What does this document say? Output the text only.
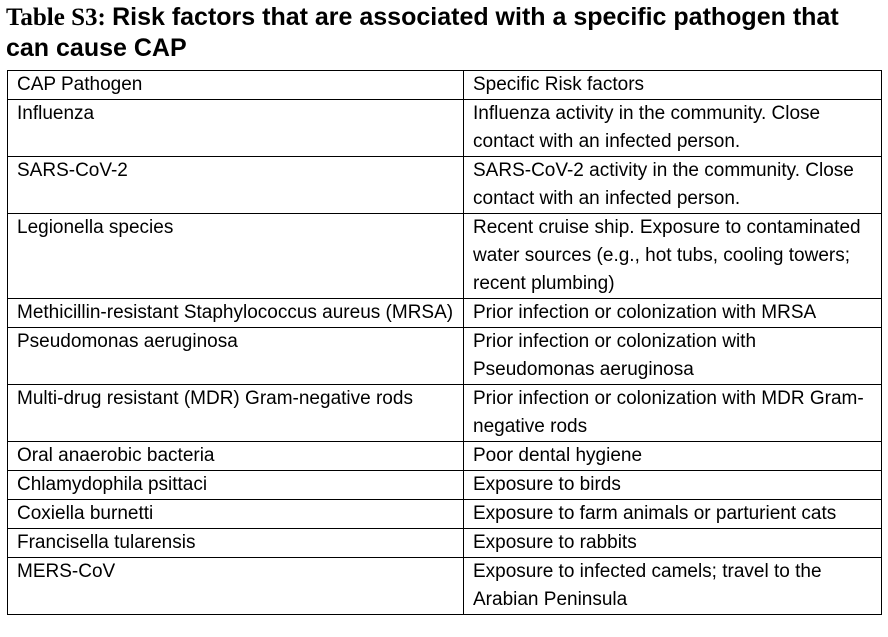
Table S3: Risk factors that are associated with a specific pathogen that can cause CAP
CAP Pathogen	Specific Risk factors
Influenza	Influenza activity in the community. Close contact with an infected person.
SARS-CoV-2	SARS-CoV-2 activity in the community. Close contact with an infected person.
Legionella species	Recent cruise ship. Exposure to contaminated water sources (e.g., hot tubs, cooling towers; recent plumbing)
Methicillin-resistant Staphylococcus aureus (MRSA)	Prior infection or colonization with MRSA
Pseudomonas aeruginosa	Prior infection or colonization with Pseudomonas aeruginosa
Multi-drug resistant (MDR) Gram-negative rods	Prior infection or colonization with MDR Gram-negative rods
Oral anaerobic bacteria	Poor dental hygiene
Chlamydophila psittaci	Exposure to birds
Coxiella burnetti	Exposure to farm animals or parturient cats
Francisella tularensis	Exposure to rabbits
MERS-CoV	Exposure to infected camels; travel to the Arabian Peninsula
